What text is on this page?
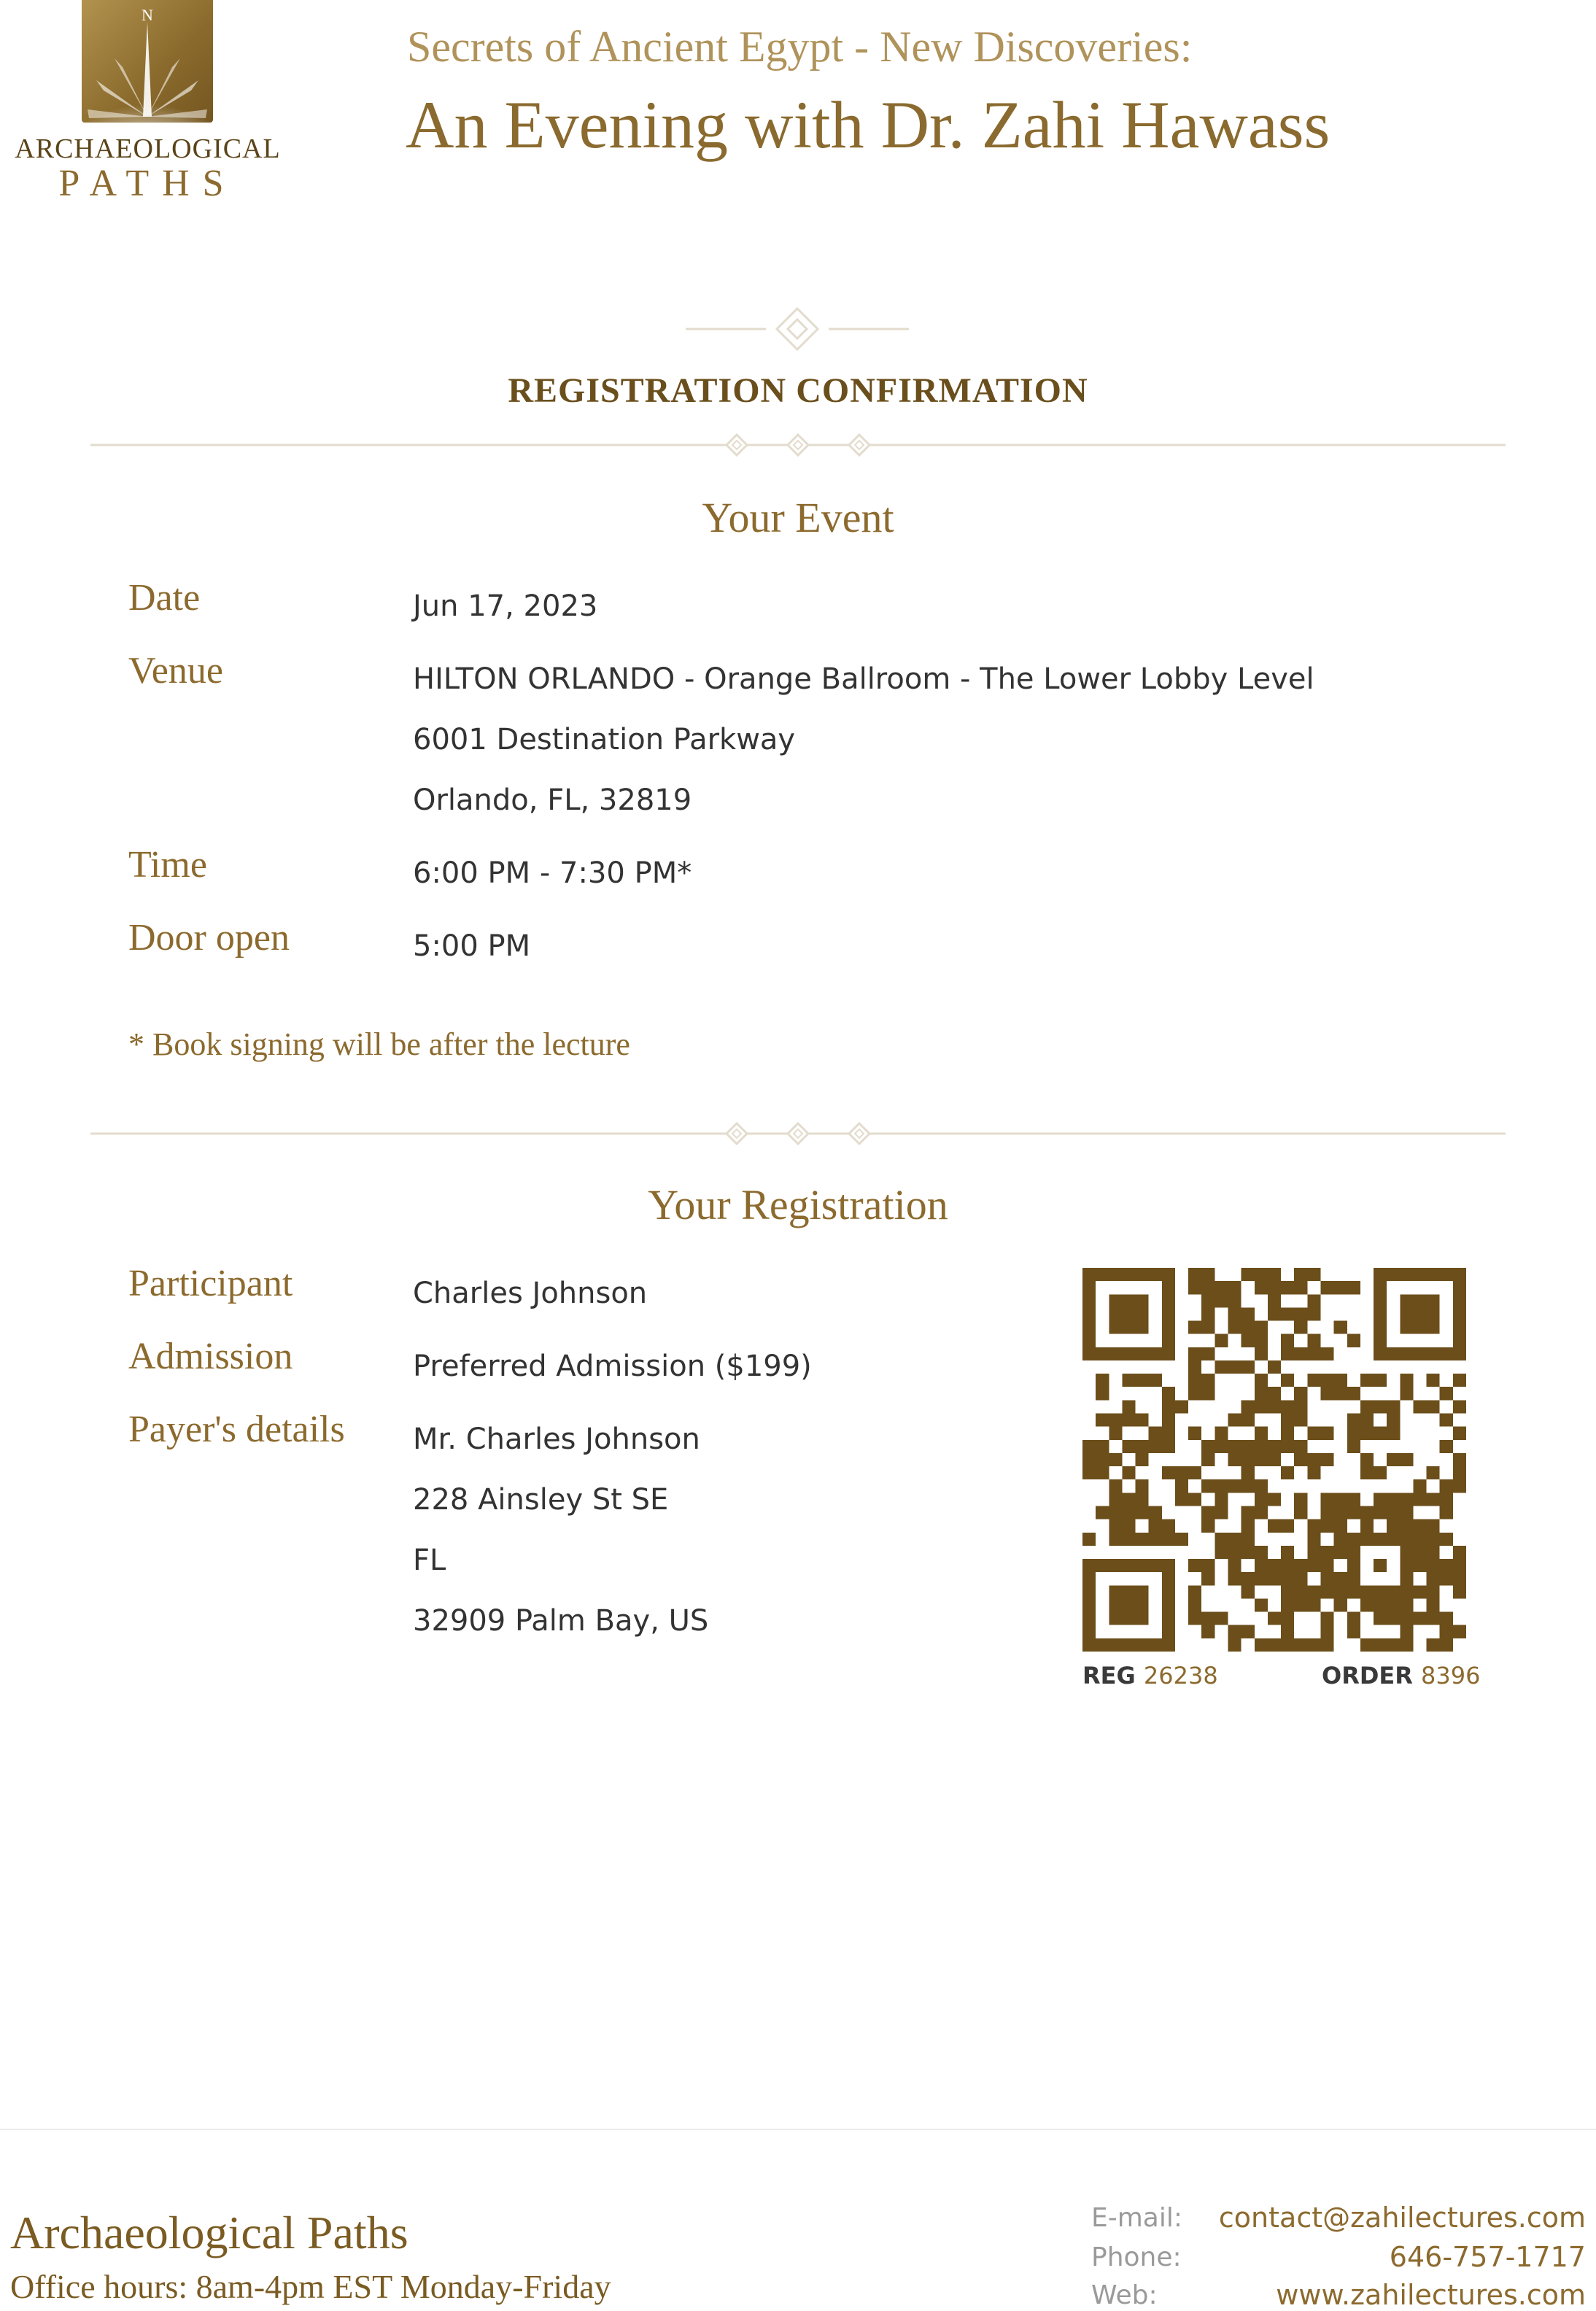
N
ARCHAEOLOGICAL
PATHS
Secrets of Ancient Egypt - New Discoveries:
An Evening with Dr. Zahi Hawass
REGISTRATION CONFIRMATION
Your Event
Date	Jun 17, 2023
Venue	HILTON ORLANDO - Orange Ballroom - The Lower Lobby Level
6001 Destination Parkway
Orlando, FL, 32819
Time	6:00 PM - 7:30 PM*
Door open	5:00 PM
* Book signing will be after the lecture
Your Registration
Participant	Charles Johnson
Admission	Preferred Admission ($199)
Payer's details Mr. Charles Johnson
228 Ainsley St SE
FL
32909 Palm Bay, US
REG 26238	ORDER 8396
Archaeological Paths
Office hours: 8am-4pm EST Monday-Friday
E-mail: contact@zahilectures.com
Phone:	646-757-1717
Web:	www.zahilectures.com
